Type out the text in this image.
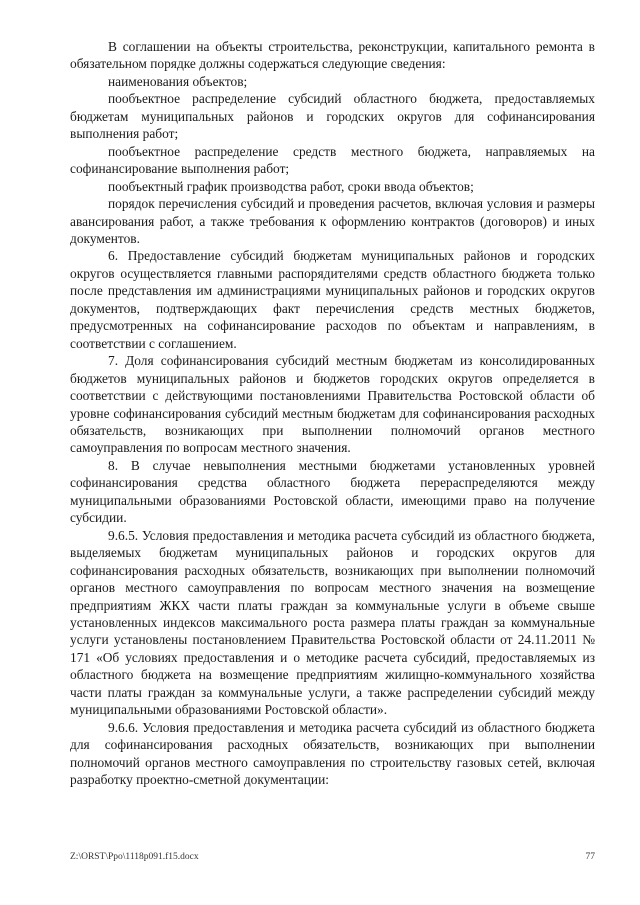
В соглашении на объекты строительства, реконструкции, капитального ремонта в обязательном порядке должны содержаться следующие сведения:

наименования объектов;

пообъектное распределение субсидий областного бюджета, предоставляемых бюджетам муниципальных районов и городских округов для софинансирования выполнения работ;

пообъектное распределение средств местного бюджета, направляемых на софинансирование выполнения работ;

пообъектный график производства работ, сроки ввода объектов;

порядок перечисления субсидий и проведения расчетов, включая условия и размеры авансирования работ, а также требования к оформлению контрактов (договоров) и иных документов.

6. Предоставление субсидий бюджетам муниципальных районов и городских округов осуществляется главными распорядителями средств областного бюджета только после представления им администрациями муниципальных районов и городских округов документов, подтверждающих факт перечисления средств местных бюджетов, предусмотренных на софинансирование расходов по объектам и направлениям, в соответствии с соглашением.

7. Доля софинансирования субсидий местным бюджетам из консолидированных бюджетов муниципальных районов и бюджетов городских округов определяется в соответствии с действующими постановлениями Правительства Ростовской области об уровне софинансирования субсидий местным бюджетам для софинансирования расходных обязательств, возникающих при выполнении полномочий органов местного самоуправления по вопросам местного значения.

8. В случае невыполнения местными бюджетами установленных уровней софинансирования средства областного бюджета перераспределяются между муниципальными образованиями Ростовской области, имеющими право на получение субсидии.

9.6.5. Условия предоставления и методика расчета субсидий из областного бюджета, выделяемых бюджетам муниципальных районов и городских округов для софинансирования расходных обязательств, возникающих при выполнении полномочий органов местного самоуправления по вопросам местного значения на возмещение предприятиям ЖКХ части платы граждан за коммунальные услуги в объеме свыше установленных индексов максимального роста размера платы граждан за коммунальные услуги установлены постановлением Правительства Ростовской области от 24.11.2011 № 171 «Об условиях предоставления и о методике расчета субсидий, предоставляемых из областного бюджета на возмещение предприятиям жилищно-коммунального хозяйства части платы граждан за коммунальные услуги, а также распределении субсидий между муниципальными образованиями Ростовской области».

9.6.6. Условия предоставления и методика расчета субсидий из областного бюджета для софинансирования расходных обязательств, возникающих при выполнении полномочий органов местного самоуправления по строительству газовых сетей, включая разработку проектно-сметной документации:

Z:\ORST\Ppo\1118p091.f15.docx	77
